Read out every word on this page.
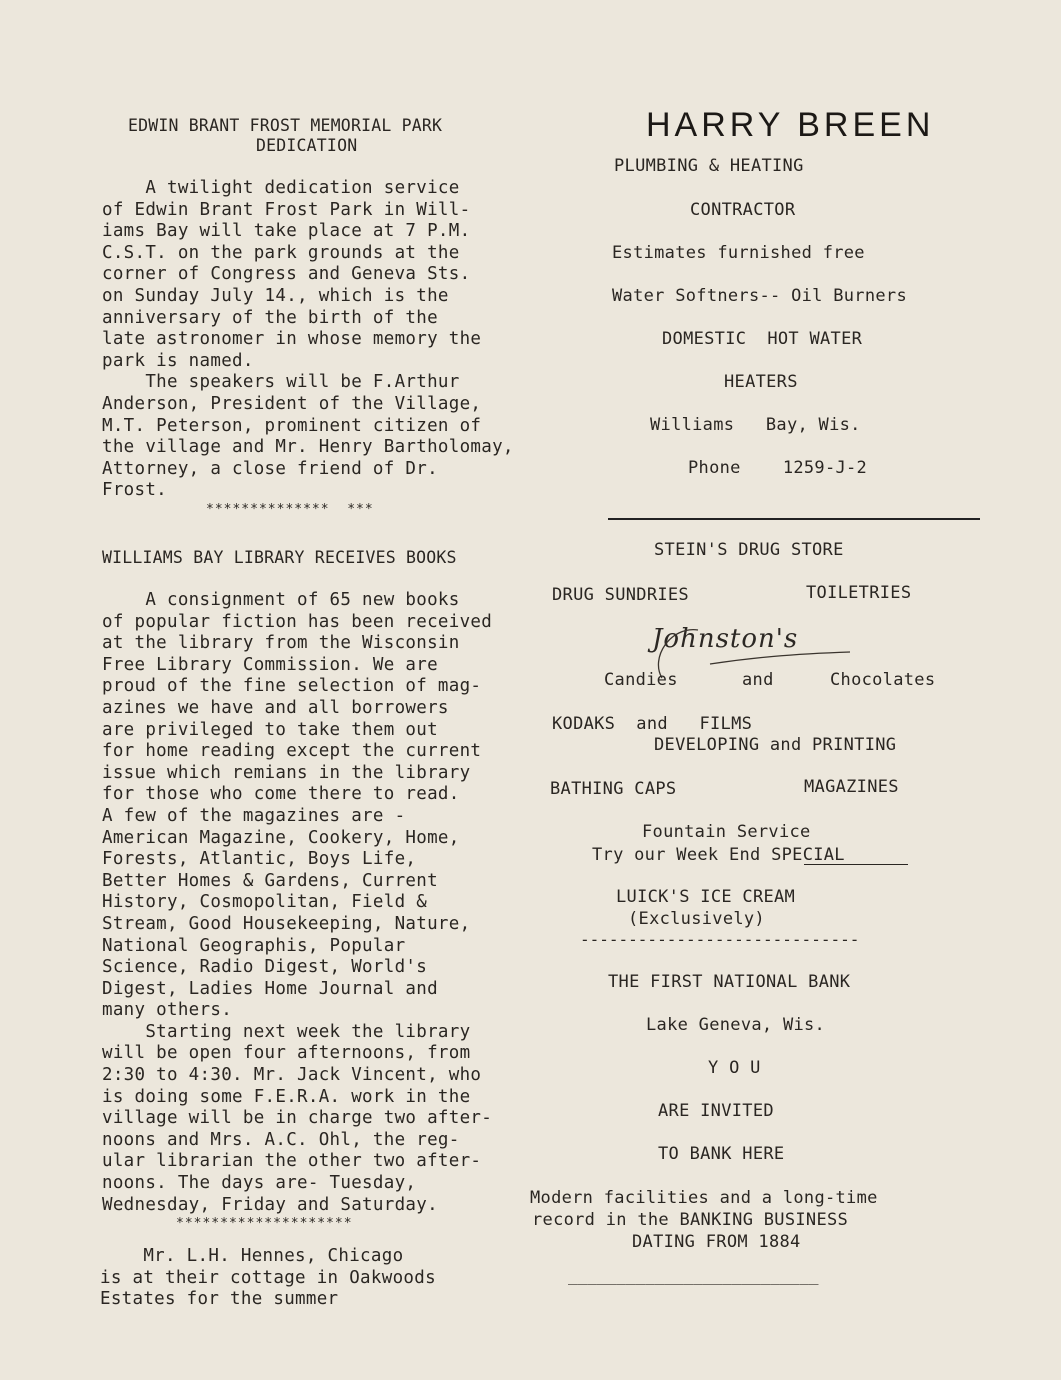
EDWIN BRANT FROST MEMORIAL PARK
DEDICATION
A twilight dedication service
of Edwin Brant Frost Park in Will-
iams Bay will take place at 7 P.M.
C.S.T. on the park grounds at the
corner of Congress and Geneva Sts.
on Sunday July 14., which is the
anniversary of the birth of the
late astronomer in whose memory the
park is named.
The speakers will be F.Arthur
Anderson, President of the Village,
M.T. Peterson, prominent citizen of
the village and Mr. Henry Bartholomay,
Attorney, a close friend of Dr.
Frost.
**************  ***
WILLIAMS BAY LIBRARY RECEIVES BOOKS
A consignment of 65 new books
of popular fiction has been received
at the library from the Wisconsin
Free Library Commission. We are
proud of the fine selection of mag-
azines we have and all borrowers
are privileged to take them out
for home reading except the current
issue which remians in the library
for those who come there to read.
A few of the magazines are -
American Magazine, Cookery, Home,
Forests, Atlantic, Boys Life,
Better Homes & Gardens, Current
History, Cosmopolitan, Field &
Stream, Good Housekeeping, Nature,
National Geographis, Popular
Science, Radio Digest, World's
Digest, Ladies Home Journal and
many others.
Starting next week the library
will be open four afternoons, from
2:30 to 4:30. Mr. Jack Vincent, who
is doing some F.E.R.A. work in the
village will be in charge two after-
noons and Mrs. A.C. Ohl, the reg-
ular librarian the other two after-
noons. The days are- Tuesday,
Wednesday, Friday and Saturday.
********************
Mr. L.H. Hennes, Chicago
is at their cottage in Oakwoods
Estates for the summer
HARRY BREEN
PLUMBING & HEATING
CONTRACTOR
Estimates furnished free
Water Softners-- Oil Burners
DOMESTIC  HOT WATER
HEATERS
Williams   Bay, Wis.
Phone    1259-J-2
STEIN'S DRUG STORE
DRUG SUNDRIES	TOILETRIES
Johnston's
Candies	and	Chocolates
KODAKS  and   FILMS
DEVELOPING and PRINTING
BATHING CAPS	MAGAZINES
Fountain Service
Try our Week End SPECIAL
LUICK'S ICE CREAM
(Exclusively)
-----------------------------
THE FIRST NATIONAL BANK
Lake Geneva, Wis.
Y O U
ARE INVITED
TO BANK HERE
Modern facilities and a long-time
record in the BANKING BUSINESS
DATING FROM 1884
__________________________
